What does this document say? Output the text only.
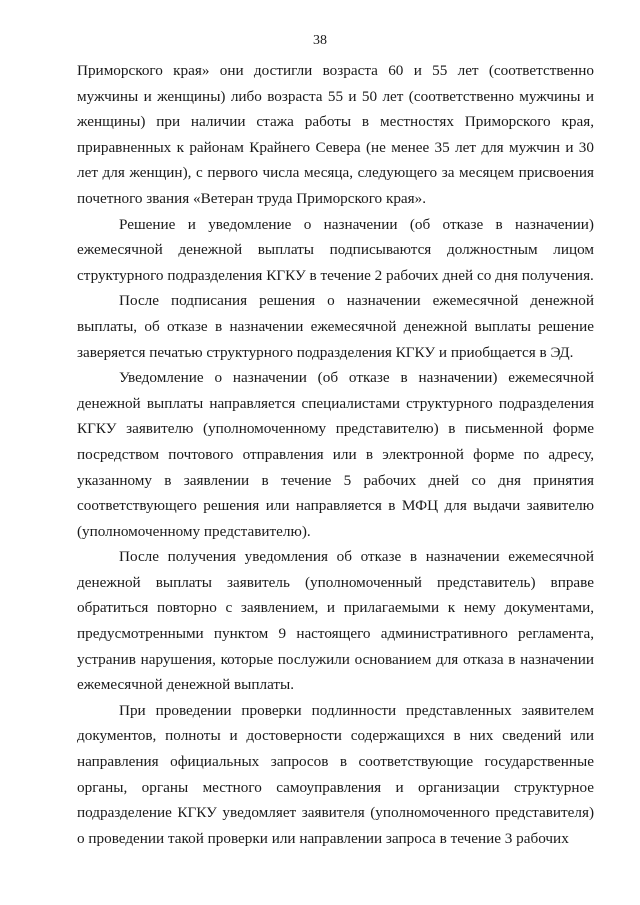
38

Приморского края» они достигли возраста 60 и 55 лет (соответственно мужчины и женщины) либо возраста 55 и 50 лет (соответственно мужчины и женщины) при наличии стажа работы в местностях Приморского края, приравненных к районам Крайнего Севера (не менее 35 лет для мужчин и 30 лет для женщин), с первого числа месяца, следующего за месяцем присвоения почетного звания «Ветеран труда Приморского края».

Решение и уведомление о назначении (об отказе в назначении) ежемесячной денежной выплаты подписываются должностным лицом структурного подразделения КГКУ в течение 2 рабочих дней со дня получения.

После подписания решения о назначении ежемесячной денежной выплаты, об отказе в назначении ежемесячной денежной выплаты решение заверяется печатью структурного подразделения КГКУ и приобщается в ЭД.

Уведомление о назначении (об отказе в назначении) ежемесячной денежной выплаты направляется специалистами структурного подразделения КГКУ заявителю (уполномоченному представителю) в письменной форме посредством почтового отправления или в электронной форме по адресу, указанному в заявлении в течение 5 рабочих дней со дня принятия соответствующего решения или направляется в МФЦ для выдачи заявителю (уполномоченному представителю).

После получения уведомления об отказе в назначении ежемесячной денежной выплаты заявитель (уполномоченный представитель) вправе обратиться повторно с заявлением, и прилагаемыми к нему документами, предусмотренными пунктом 9 настоящего административного регламента, устранив нарушения, которые послужили основанием для отказа в назначении ежемесячной денежной выплаты.

При проведении проверки подлинности представленных заявителем документов, полноты и достоверности содержащихся в них сведений или направления официальных запросов в соответствующие государственные органы, органы местного самоуправления и организации структурное подразделение КГКУ уведомляет заявителя (уполномоченного представителя) о проведении такой проверки или направлении запроса в течение 3 рабочих
